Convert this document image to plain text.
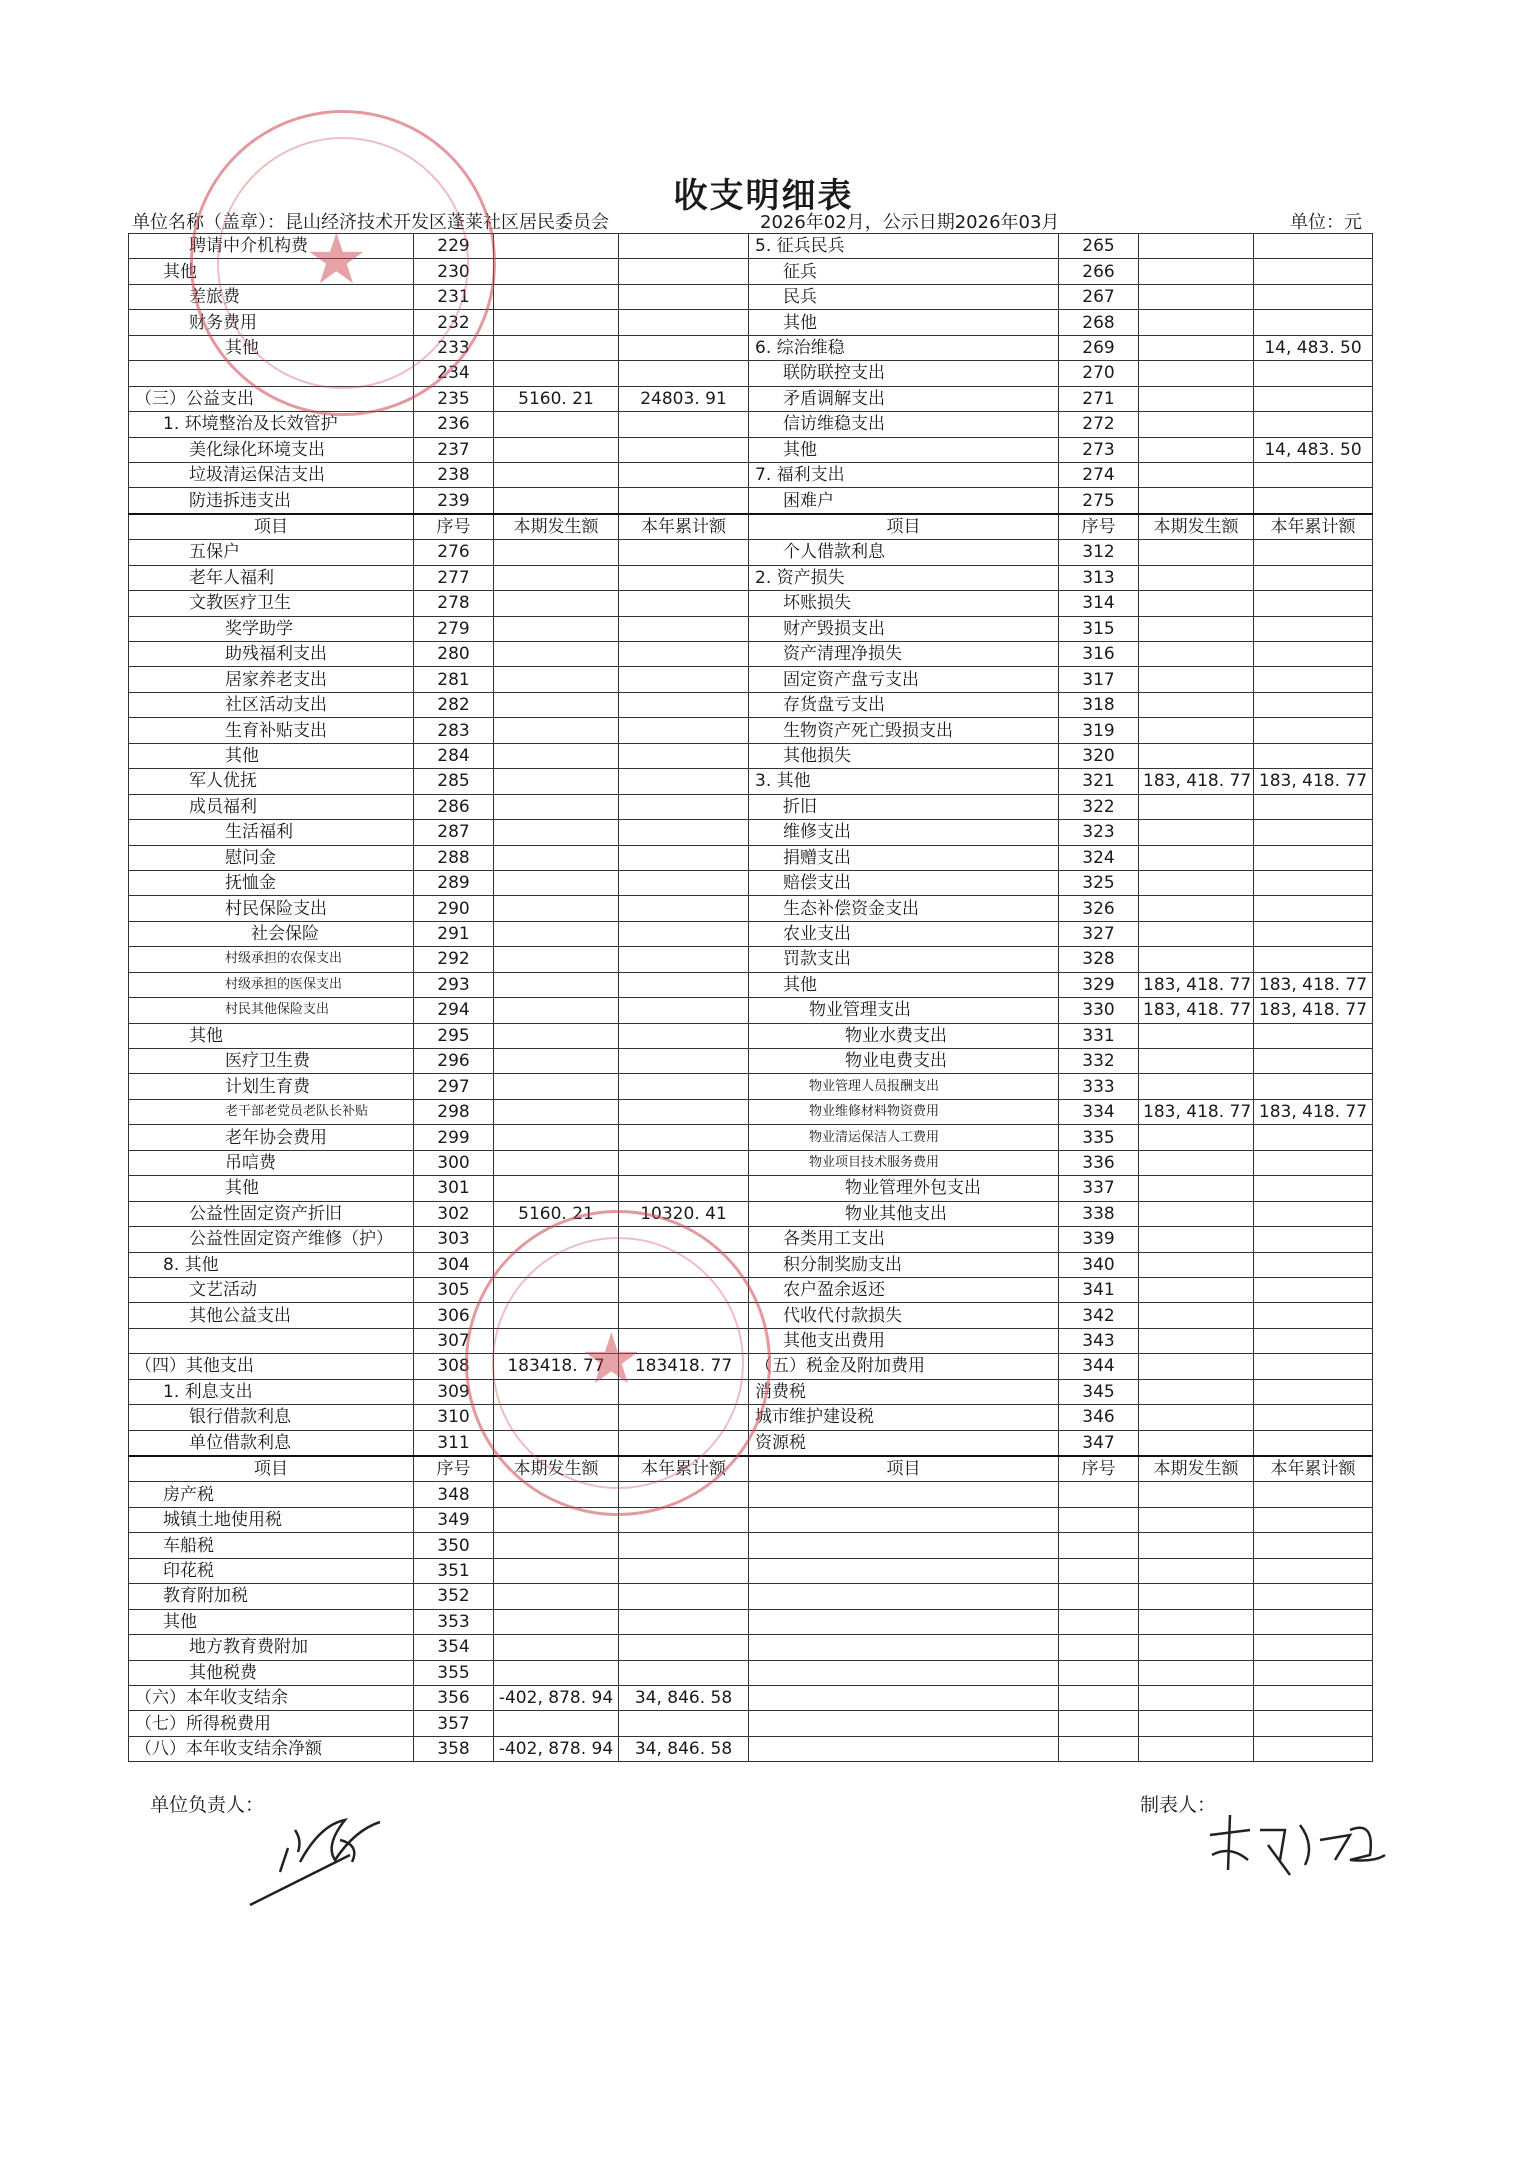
收支明细表
单位名称（盖章）：昆山经济技术开发区蓬莱社区居民委员会	2026年02月，公示日期2026年03月	单位：元
聘请中介机构费	229			5. 征兵民兵	265		
其他	230			征兵	266		
差旅费	231			民兵	267		
财务费用	232			其他	268		
其他	233			6. 综治维稳	269		14, 483. 50
	234			联防联控支出	270		
（三）公益支出	235	5160. 21	24803. 91	矛盾调解支出	271		
1. 环境整治及长效管护	236			信访维稳支出	272		
美化绿化环境支出	237			其他	273		14, 483. 50
垃圾清运保洁支出	238			7. 福利支出	274		
防违拆违支出	239			困难户	275		
项目	序号	本期发生额	本年累计额	项目	序号	本期发生额	本年累计额
五保户	276			个人借款利息	312		
老年人福利	277			2. 资产损失	313		
文教医疗卫生	278			坏账损失	314		
奖学助学	279			财产毁损支出	315		
助残福利支出	280			资产清理净损失	316		
居家养老支出	281			固定资产盘亏支出	317		
社区活动支出	282			存货盘亏支出	318		
生育补贴支出	283			生物资产死亡毁损支出	319		
其他	284			其他损失	320		
军人优抚	285			3. 其他	321	183, 418. 77	183, 418. 77
成员福利	286			折旧	322		
生活福利	287			维修支出	323		
慰问金	288			捐赠支出	324		
抚恤金	289			赔偿支出	325		
村民保险支出	290			生态补偿资金支出	326		
社会保险	291			农业支出	327		
村级承担的农保支出	292			罚款支出	328		
村级承担的医保支出	293			其他	329	183, 418. 77	183, 418. 77
村民其他保险支出	294			物业管理支出	330	183, 418. 77	183, 418. 77
其他	295			物业水费支出	331		
医疗卫生费	296			物业电费支出	332		
计划生育费	297			物业管理人员报酬支出	333		
老干部老党员老队长补贴	298			物业维修材料物资费用	334	183, 418. 77	183, 418. 77
老年协会费用	299			物业清运保洁人工费用	335		
吊唁费	300			物业项目技术服务费用	336		
其他	301			物业管理外包支出	337		
公益性固定资产折旧	302	5160. 21	10320. 41	物业其他支出	338		
公益性固定资产维修（护）	303			各类用工支出	339		
8. 其他	304			积分制奖励支出	340		
文艺活动	305			农户盈余返还	341		
其他公益支出	306			代收代付款损失	342		
	307			其他支出费用	343		
（四）其他支出	308	183418. 77	183418. 77	（五）税金及附加费用	344		
1. 利息支出	309			消费税	345		
银行借款利息	310			城市维护建设税	346		
单位借款利息	311			资源税	347		
项目	序号	本期发生额	本年累计额	项目	序号	本期发生额	本年累计额
房产税	348						
城镇土地使用税	349						
车船税	350						
印花税	351						
教育附加税	352						
其他	353						
地方教育费附加	354						
其他税费	355						
（六）本年收支结余	356	-402, 878. 94	34, 846. 58				
（七）所得税费用	357						
（八）本年收支结余净额	358	-402, 878. 94	34, 846. 58				
单位负责人：	制表人：
★
★
